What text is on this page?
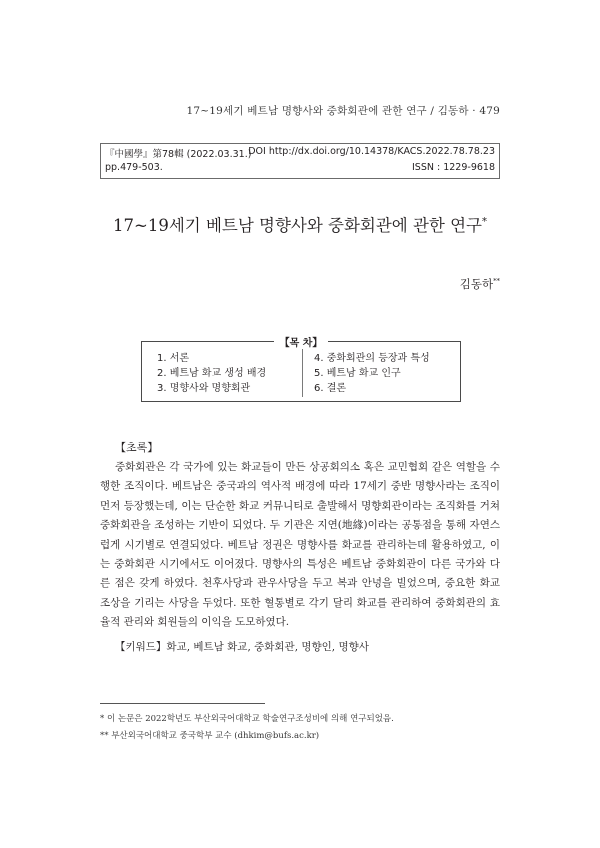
17~19세기 베트남 명향사와 중화회관에 관한 연구 / 김동하 · 479
『中國學』第78輯 (2022.03.31.)
pp.479-503.
DOI http://dx.doi.org/10.14378/KACS.2022.78.78.23
ISSN : 1229-9618
17~19세기 베트남 명향사와 중화회관에 관한 연구*
김동하**
【목 차】
1. 서론
2. 베트남 화교 생성 배경
3. 명향사와 명향회관
4. 중화회관의 등장과 특성
5. 베트남 화교 인구
6. 결론
【초록】

중화회관은 각 국가에 있는 화교들이 만든 상공회의소 혹은 교민협회 같은 역할을 수행한 조직이다. 베트남은 중국과의 역사적 배경에 따라 17세기 중반 명향사라는 조직이 먼저 등장했는데, 이는 단순한 화교 커뮤니티로 출발해서 명향회관이라는 조직화를 거쳐 중화회관을 조성하는 기반이 되었다. 두 기관은 지연(地緣)이라는 공통점을 통해 자연스럽게 시기별로 연결되었다. 베트남 정권은 명향사를 화교를 관리하는데 활용하였고, 이는 중화회관 시기에서도 이어졌다. 명향사의 특성은 베트남 중화회관이 다른 국가와 다른 점은 갖게 하였다. 천후사당과 관우사당을 두고 복과 안녕을 빌었으며, 중요한 화교 조상을 기리는 사당을 두었다. 또한 혈통별로 각기 달리 화교를 관리하여 중화회관의 효율적 관리와 회원들의 이익을 도모하였다.

【키워드】화교, 베트남 화교, 중화회관, 명향인, 명향사
* 이 논문은 2022학년도 부산외국어대학교 학술연구조성비에 의해 연구되었음.
** 부산외국어대학교 중국학부 교수 (dhkim@bufs.ac.kr)
